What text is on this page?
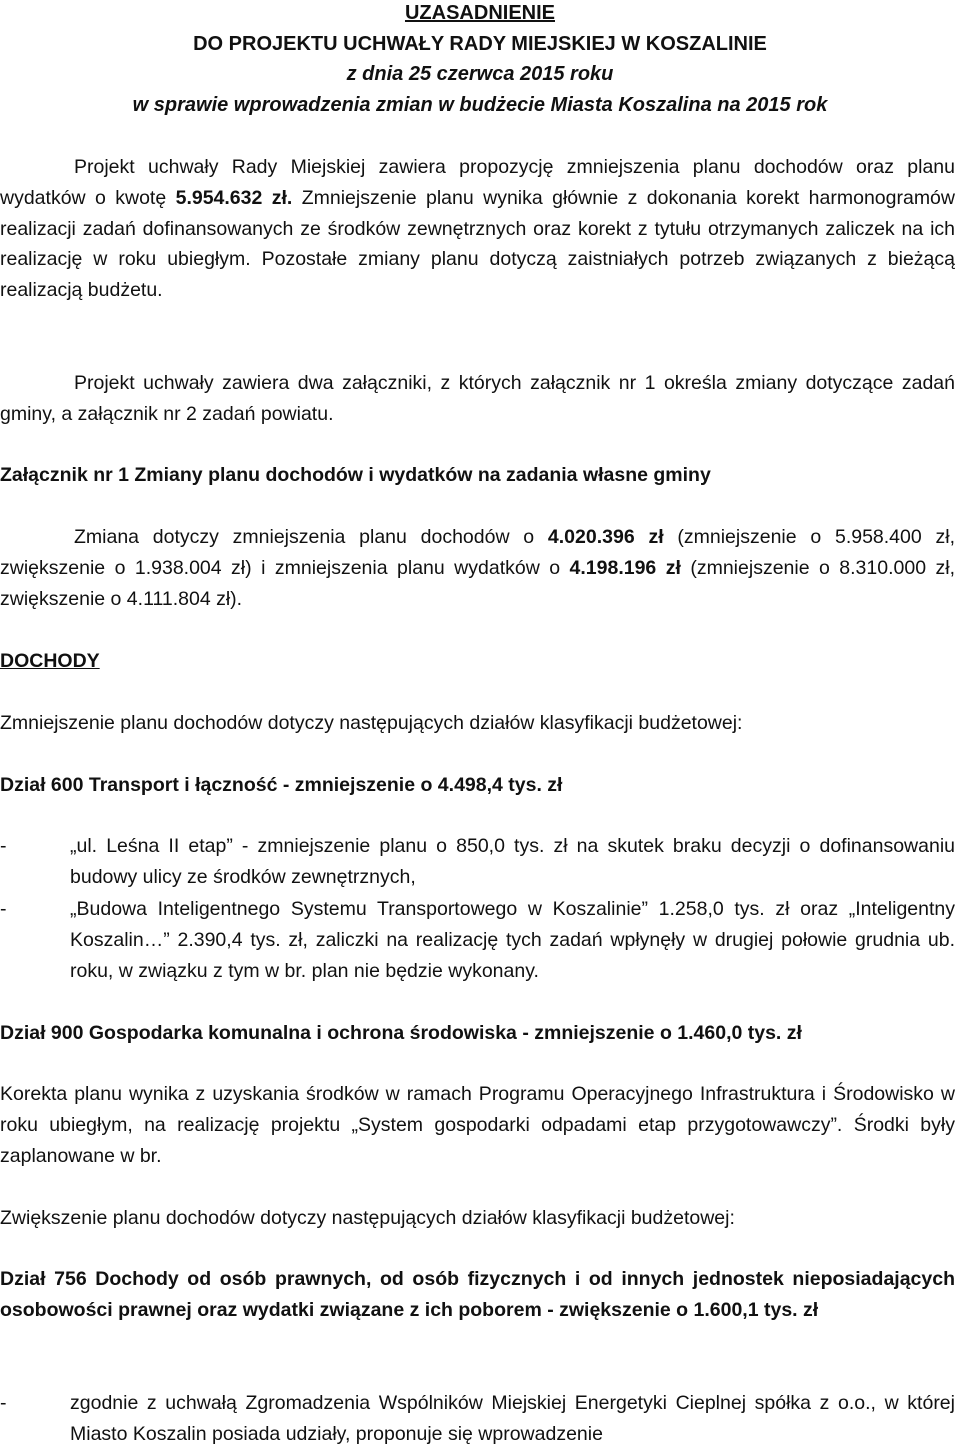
UZASADNIENIE
DO PROJEKTU UCHWAŁY RADY MIEJSKIEJ W KOSZALINIE
z dnia 25 czerwca 2015 roku
w sprawie wprowadzenia zmian w budżecie Miasta Koszalina na 2015 rok
Projekt uchwały Rady Miejskiej zawiera propozycję zmniejszenia planu dochodów oraz planu wydatków o kwotę 5.954.632 zł. Zmniejszenie planu wynika głównie z dokonania korekt harmonogramów realizacji zadań dofinansowanych ze środków zewnętrznych oraz korekt z tytułu otrzymanych zaliczek na ich realizację w roku ubiegłym. Pozostałe zmiany planu dotyczą zaistniałych potrzeb związanych z bieżącą realizacją budżetu.
Projekt uchwały zawiera dwa załączniki, z których załącznik nr 1 określa zmiany dotyczące zadań gminy, a załącznik nr 2 zadań powiatu.
Załącznik nr 1 Zmiany planu dochodów i wydatków na zadania własne gminy
Zmiana dotyczy zmniejszenia planu dochodów o 4.020.396 zł (zmniejszenie o 5.958.400 zł, zwiększenie o 1.938.004 zł) i zmniejszenia planu wydatków o 4.198.196 zł (zmniejszenie o 8.310.000 zł, zwiększenie o 4.111.804 zł).
DOCHODY
Zmniejszenie planu dochodów dotyczy następujących działów klasyfikacji budżetowej:
Dział 600 Transport i łączność - zmniejszenie o 4.498,4 tys. zł
-	„ul. Leśna II etap” - zmniejszenie planu o 850,0 tys. zł na skutek braku decyzji o dofinansowaniu budowy ulicy ze środków zewnętrznych,
-	„Budowa Inteligentnego Systemu Transportowego w Koszalinie” 1.258,0 tys. zł oraz „Inteligentny Koszalin…” 2.390,4 tys. zł, zaliczki na realizację tych zadań wpłynęły w drugiej połowie grudnia ub. roku, w związku z tym w br. plan nie będzie wykonany.
Dział 900 Gospodarka komunalna i ochrona środowiska - zmniejszenie o 1.460,0 tys. zł
Korekta planu wynika z uzyskania środków w ramach Programu Operacyjnego Infrastruktura i Środowisko w roku ubiegłym, na realizację projektu „System gospodarki odpadami etap przygotowawczy”. Środki były zaplanowane w br.
Zwiększenie planu dochodów dotyczy następujących działów klasyfikacji budżetowej:
Dział 756 Dochody od osób prawnych, od osób fizycznych i od innych jednostek nieposiadających osobowości prawnej oraz wydatki związane z ich poborem - zwiększenie o 1.600,1 tys. zł
-	zgodnie z uchwałą Zgromadzenia Wspólników Miejskiej Energetyki Cieplnej spółka z o.o., w której Miasto Koszalin posiada udziały, proponuje się wprowadzenie
